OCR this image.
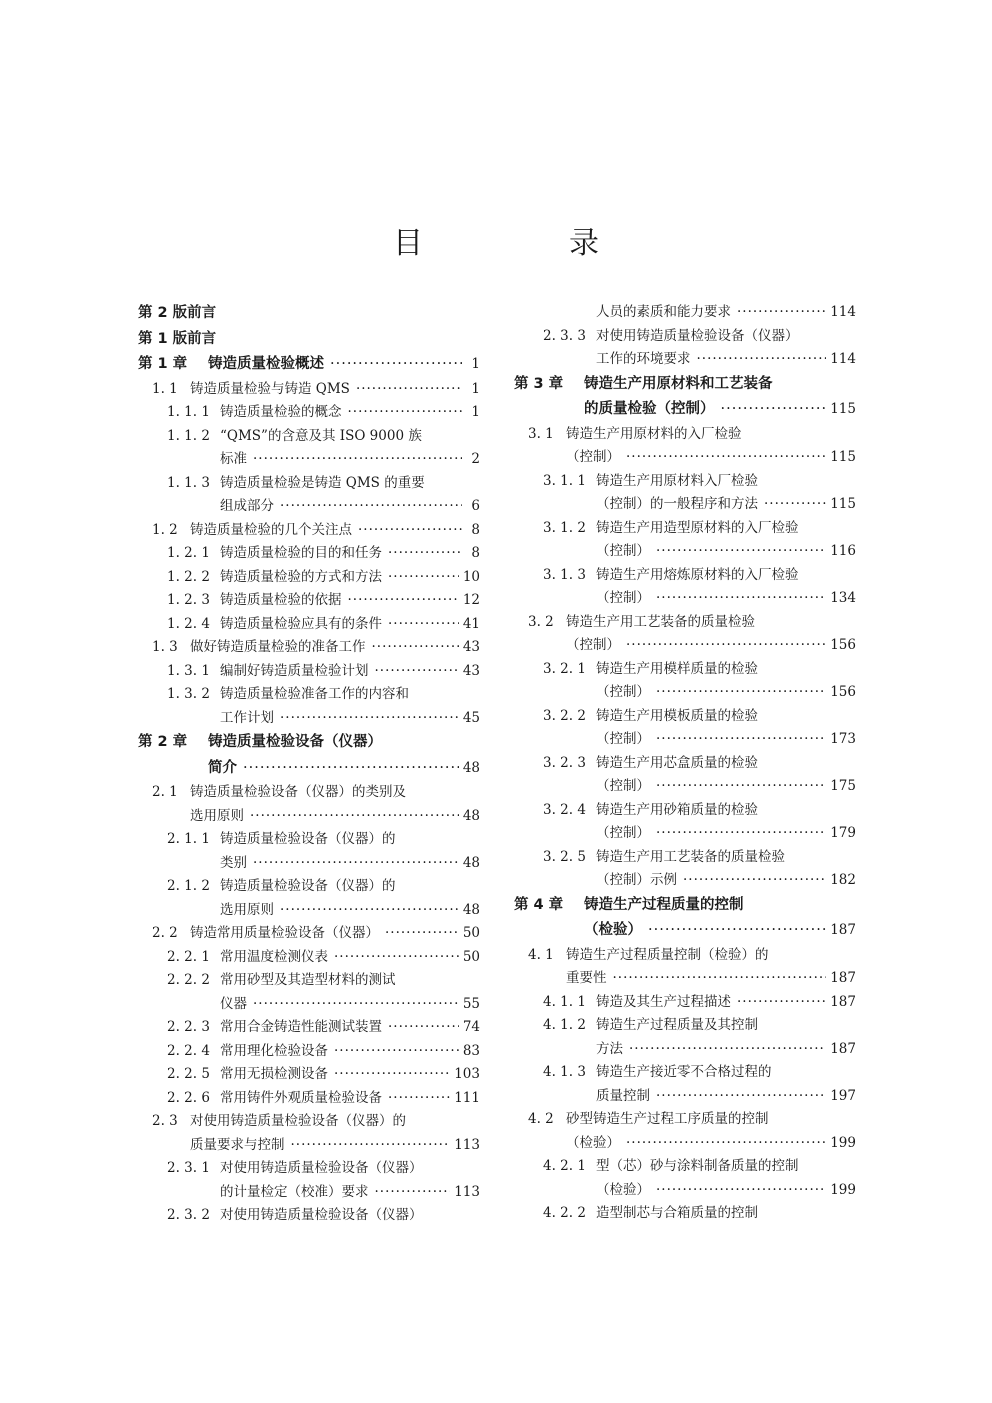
目　录
第 2 版前言
第 1 版前言
第 1 章	铸造质量检验概述 ·····	1
1. 1 铸造质量检验与铸造 QMS ·····	1
1. 1. 1 铸造质量检验的概念 ·····	1
1. 1. 2 “QMS”的含意及其 ISO 9000 族
标准 ·····	2
1. 1. 3 铸造质量检验是铸造 QMS 的重要
组成部分 ·····	6
1. 2 铸造质量检验的几个关注点 ·····	8
1. 2. 1 铸造质量检验的目的和任务 ·····	8
1. 2. 2 铸造质量检验的方式和方法 ·····	10
1. 2. 3 铸造质量检验的依据 ·····	12
1. 2. 4 铸造质量检验应具有的条件 ·····	41
1. 3 做好铸造质量检验的准备工作 ·····	43
1. 3. 1 编制好铸造质量检验计划 ·····	43
1. 3. 2 铸造质量检验准备工作的内容和
工作计划 ·····	45
第 2 章	铸造质量检验设备（仪器）
简介 ·····	48
2. 1 铸造质量检验设备（仪器）的类别及
选用原则 ·····	48
2. 1. 1 铸造质量检验设备（仪器）的
类别 ·····	48
2. 1. 2 铸造质量检验设备（仪器）的
选用原则 ·····	48
2. 2 铸造常用质量检验设备（仪器） ·····	50
2. 2. 1 常用温度检测仪表 ·····	50
2. 2. 2 常用砂型及其造型材料的测试
仪器 ·····	55
2. 2. 3 常用合金铸造性能测试装置 ·····	74
2. 2. 4 常用理化检验设备 ·····	83
2. 2. 5 常用无损检测设备 ·····	103
2. 2. 6 常用铸件外观质量检验设备 ·····	111
2. 3 对使用铸造质量检验设备（仪器）的
质量要求与控制 ·····	113
2. 3. 1 对使用铸造质量检验设备（仪器）
的计量检定（校准）要求 ·····	113
2. 3. 2 对使用铸造质量检验设备（仪器）
人员的素质和能力要求 ·····	114
2. 3. 3 对使用铸造质量检验设备（仪器）
工作的环境要求 ·····	114
第 3 章	铸造生产用原材料和工艺装备
的质量检验（控制） ·····	115
3. 1 铸造生产用原材料的入厂检验
（控制） ·····	115
3. 1. 1 铸造生产用原材料入厂检验
（控制）的一般程序和方法 ·····	115
3. 1. 2 铸造生产用造型原材料的入厂检验
（控制） ·····	116
3. 1. 3 铸造生产用熔炼原材料的入厂检验
（控制） ·····	134
3. 2 铸造生产用工艺装备的质量检验
（控制） ·····	156
3. 2. 1 铸造生产用模样质量的检验
（控制） ·····	156
3. 2. 2 铸造生产用模板质量的检验
（控制） ·····	173
3. 2. 3 铸造生产用芯盒质量的检验
（控制） ·····	175
3. 2. 4 铸造生产用砂箱质量的检验
（控制） ·····	179
3. 2. 5 铸造生产用工艺装备的质量检验
（控制）示例 ·····	182
第 4 章	铸造生产过程质量的控制
（检验） ·····	187
4. 1 铸造生产过程质量控制（检验）的
重要性 ·····	187
4. 1. 1 铸造及其生产过程描述 ·····	187
4. 1. 2 铸造生产过程质量及其控制
方法 ·····	187
4. 1. 3 铸造生产接近零不合格过程的
质量控制 ·····	197
4. 2 砂型铸造生产过程工序质量的控制
（检验） ·····	199
4. 2. 1 型（芯）砂与涂料制备质量的控制
（检验） ·····	199
4. 2. 2 造型制芯与合箱质量的控制
